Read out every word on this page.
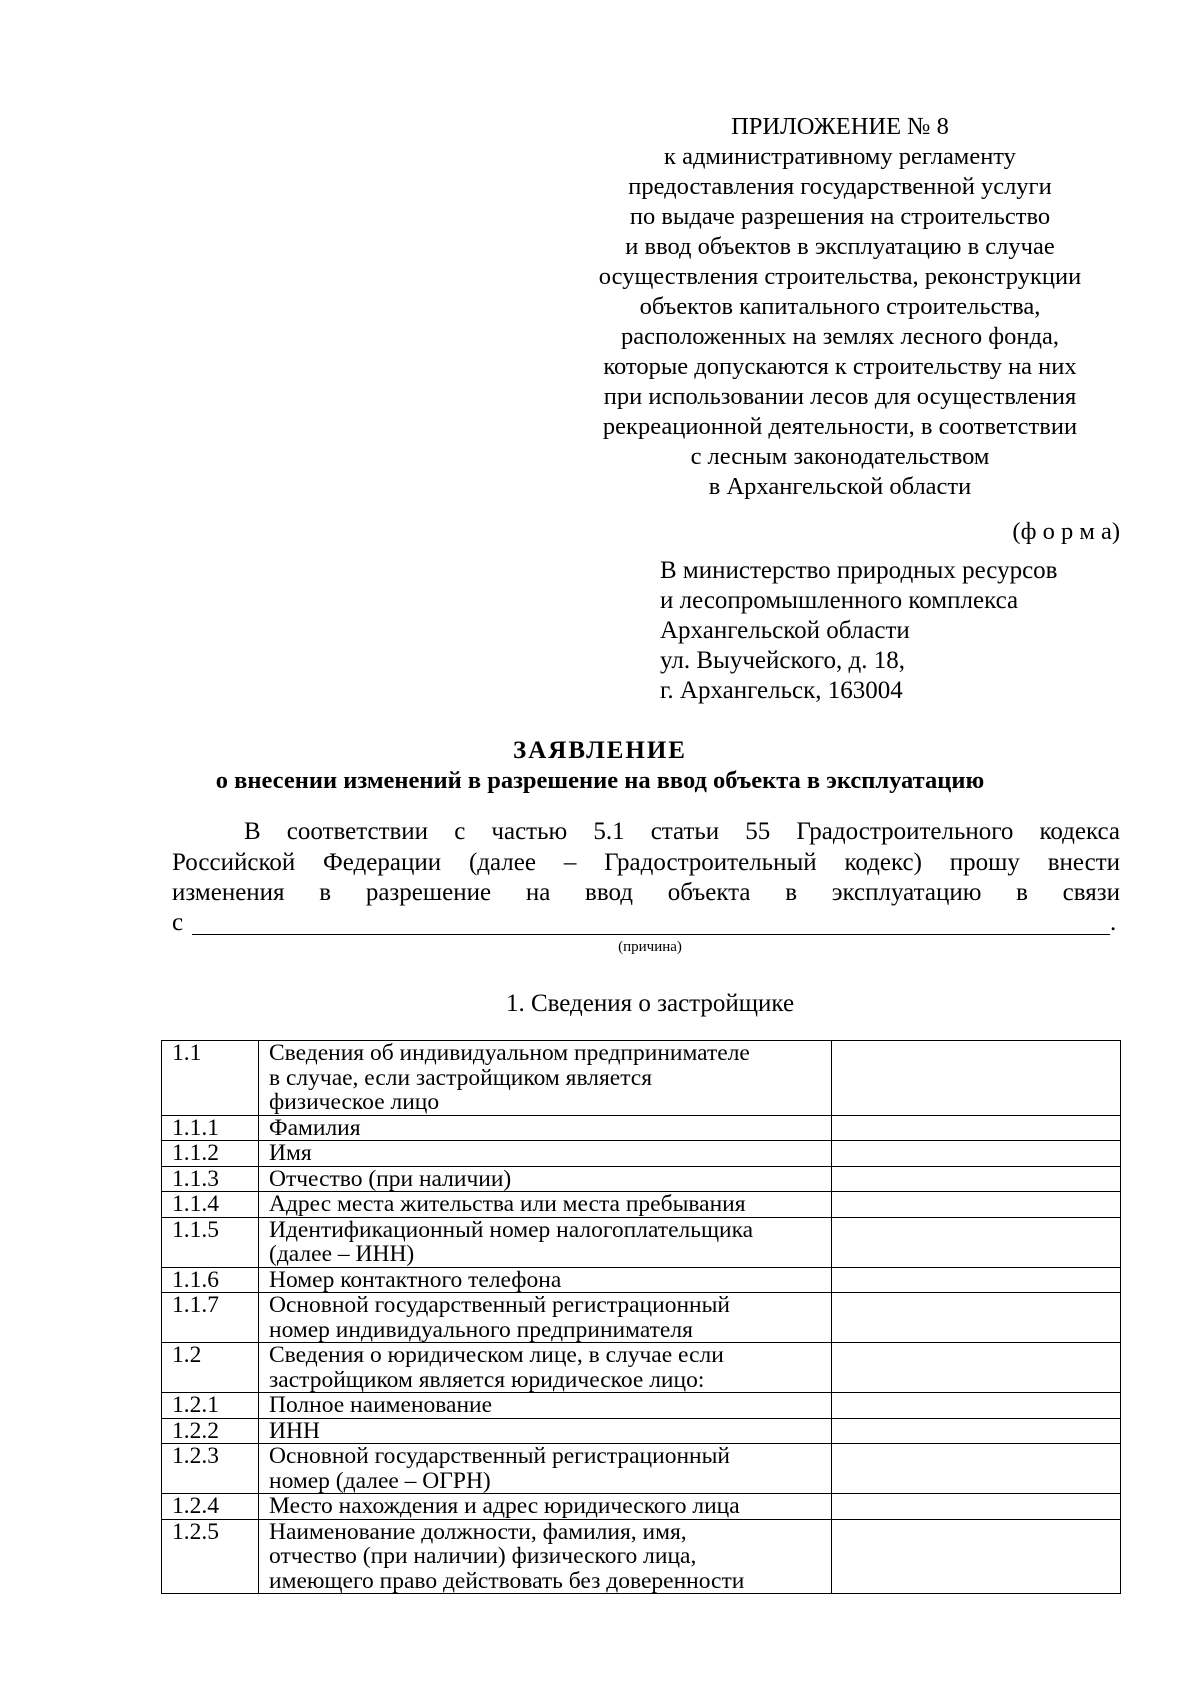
ПРИЛОЖЕНИЕ № 8
к административному регламенту
предоставления государственной услуги
по выдаче разрешения на строительство
и ввод объектов в эксплуатацию в случае
осуществления строительства, реконструкции
объектов капитального строительства,
расположенных на землях лесного фонда,
которые допускаются к строительству на них
при использовании лесов для осуществления
рекреационной деятельности, в соответствии
с лесным законодательством
в Архангельской области
(ф о р м а)
В министерство природных ресурсов
и лесопромышленного комплекса
Архангельской области
ул. Выучейского, д. 18,
г. Архангельск, 163004
ЗАЯВЛЕНИЕ
о внесении изменений в разрешение на ввод объекта в эксплуатацию
В соответствии с частью 5.1 статьи 55 Градостроительного кодекса
Российской Федерации (далее – Градостроительный кодекс) прошу внести
изменения в разрешение на ввод объекта в эксплуатацию в связи
с	.
(причина)
1. Сведения о застройщике
1.1	Сведения об индивидуальном предпринимателе
в случае, если застройщиком является
физическое лицо	

1.1.1	Фамилия	

1.1.2	Имя	

1.1.3	Отчество (при наличии)	

1.1.4	Адрес места жительства или места пребывания	

1.1.5	Идентификационный номер налогоплательщика
(далее – ИНН)	

1.1.6	Номер контактного телефона	

1.1.7	Основной государственный регистрационный
номер индивидуального предпринимателя	

1.2	Сведения о юридическом лице, в случае если
застройщиком является юридическое лицо:	

1.2.1	Полное наименование	

1.2.2	ИНН	

1.2.3	Основной государственный регистрационный
номер (далее – ОГРН)	

1.2.4	Место нахождения и адрес юридического лица	

1.2.5	Наименование должности, фамилия, имя,
отчество (при наличии) физического лица,
имеющего право действовать без доверенности	
